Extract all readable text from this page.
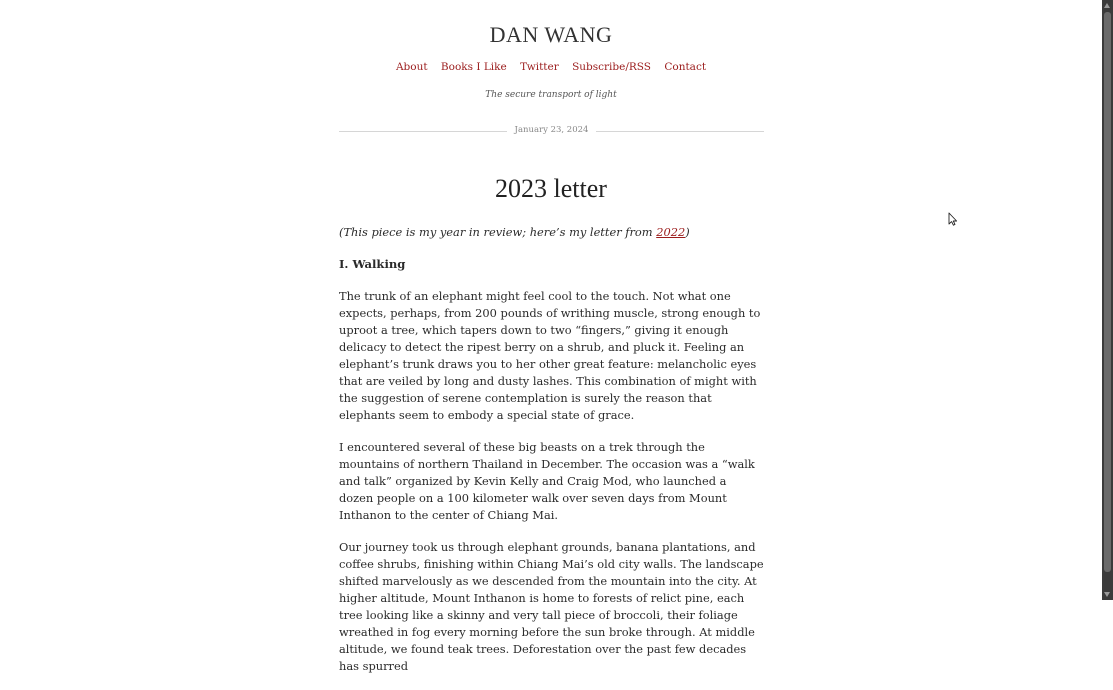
DAN WANG
About Books I Like Twitter Subscribe/RSS Contact
The secure transport of light
January 23, 2024
2023 letter

(This piece is my year in review; here’s my letter from 2022)

I. Walking

The trunk of an elephant might feel cool to the touch. Not what one expects, perhaps, from 200 pounds of writhing muscle, strong enough to uproot a tree, which tapers down to two “fingers,” giving it enough delicacy to detect the ripest berry on a shrub, and pluck it. Feeling an elephant’s trunk draws you to her other great feature: melancholic eyes that are veiled by long and dusty lashes. This combination of might with the suggestion of serene contemplation is surely the reason that elephants seem to embody a special state of grace.

I encountered several of these big beasts on a trek through the mountains of northern Thailand in December. The occasion was a “walk and talk” organized by Kevin Kelly and Craig Mod, who launched a dozen people on a 100 kilometer walk over seven days from Mount Inthanon to the center of Chiang Mai.

Our journey took us through elephant grounds, banana plantations, and coffee shrubs, finishing within Chiang Mai’s old city walls. The landscape shifted marvelously as we descended from the mountain into the city. At higher altitude, Mount Inthanon is home to forests of relict pine, each tree looking like a skinny and very tall piece of broccoli, their foliage wreathed in fog every morning before the sun broke through. At middle altitude, we found teak trees. Deforestation over the past few decades has spurred
